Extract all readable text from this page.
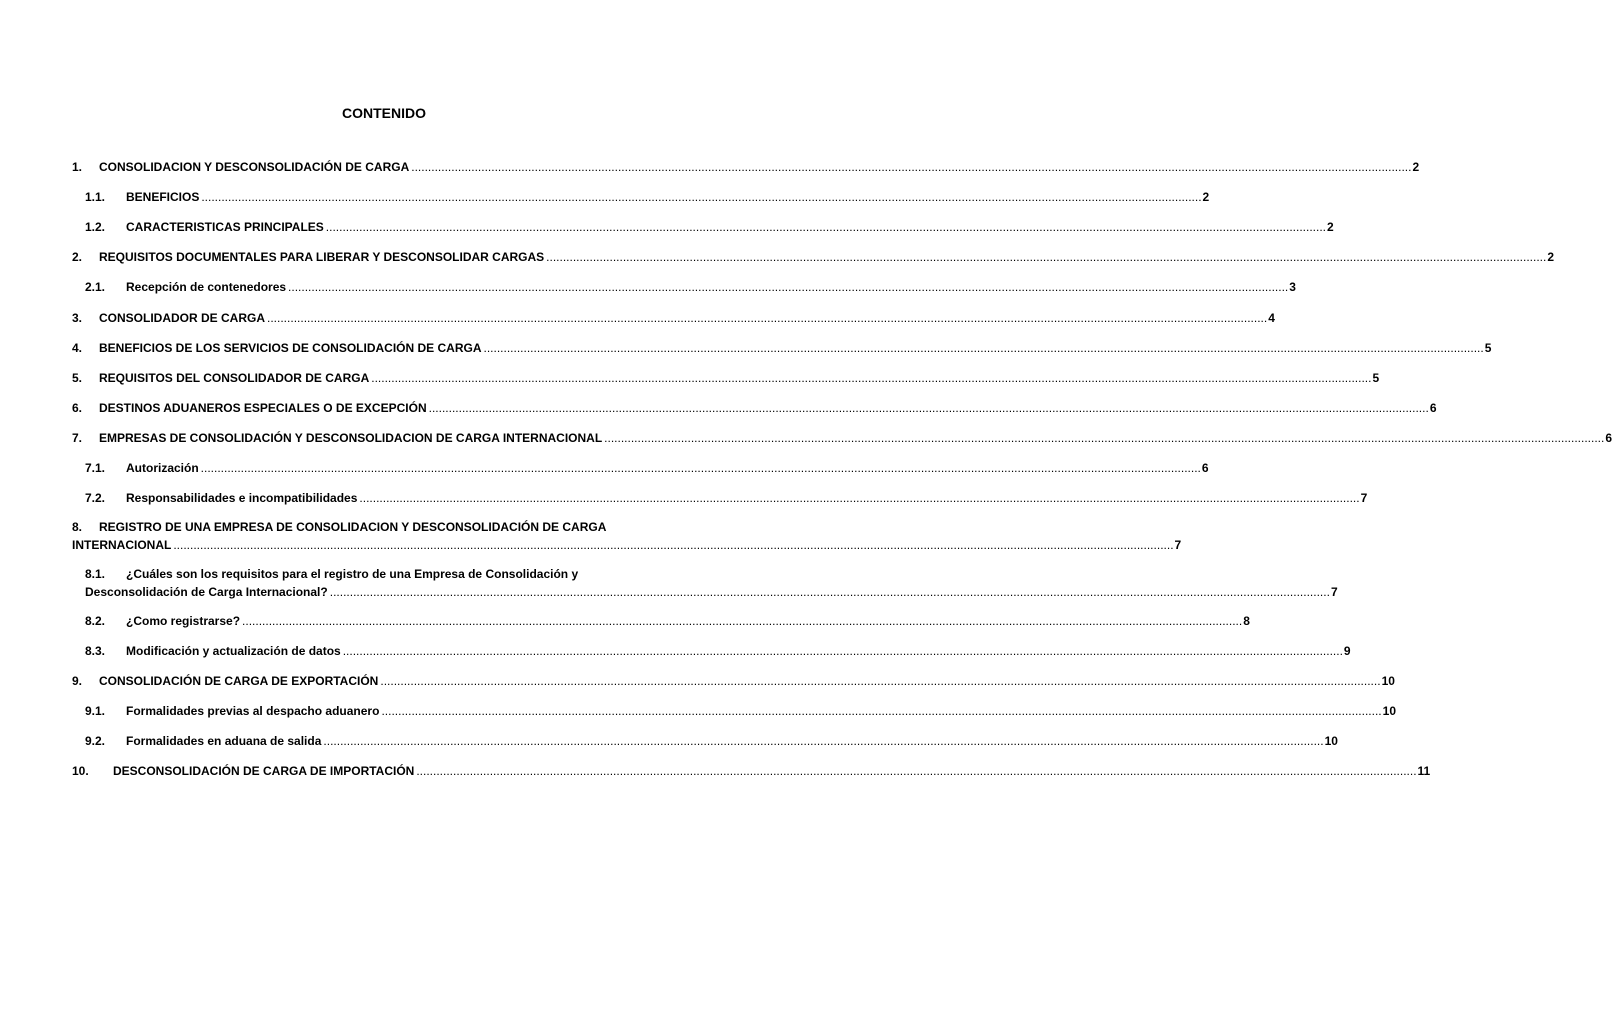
CONTENIDO
1.	CONSOLIDACION Y DESCONSOLIDACIÓN DE CARGA ............................................................................................................................................................................................................................................................................................................ 2
1.1.	BENEFICIOS ............................................................................................................................................................................................................................................................................................................ 2
1.2.	CARACTERISTICAS PRINCIPALES ............................................................................................................................................................................................................................................................................................................ 2
2.	REQUISITOS DOCUMENTALES PARA LIBERAR Y DESCONSOLIDAR CARGAS ............................................................................................................................................................................................................................................................................................................ 2
2.1.	Recepción de contenedores ............................................................................................................................................................................................................................................................................................................ 3
3.	CONSOLIDADOR DE CARGA ............................................................................................................................................................................................................................................................................................................ 4
4.	BENEFICIOS DE LOS SERVICIOS DE CONSOLIDACIÓN DE CARGA ............................................................................................................................................................................................................................................................................................................ 5
5.	REQUISITOS DEL CONSOLIDADOR DE CARGA ............................................................................................................................................................................................................................................................................................................ 5
6.	DESTINOS ADUANEROS ESPECIALES O DE EXCEPCIÓN ............................................................................................................................................................................................................................................................................................................ 6
7.	EMPRESAS DE CONSOLIDACIÓN Y DESCONSOLIDACION DE CARGA INTERNACIONAL ............................................................................................................................................................................................................................................................................................................ 6
7.1.	Autorización ............................................................................................................................................................................................................................................................................................................ 6
7.2.	Responsabilidades e incompatibilidades ............................................................................................................................................................................................................................................................................................................ 7
8.	REGISTRO DE UNA EMPRESA DE CONSOLIDACION Y DESCONSOLIDACIÓN DE CARGA
INTERNACIONAL ............................................................................................................................................................................................................................................................................................................ 7
8.1.	¿Cuáles son los requisitos para el registro de una Empresa de Consolidación y
Desconsolidación de Carga Internacional? ............................................................................................................................................................................................................................................................................................................ 7
8.2.	¿Como registrarse? ............................................................................................................................................................................................................................................................................................................ 8
8.3.	Modificación y actualización de datos ............................................................................................................................................................................................................................................................................................................ 9
9.	CONSOLIDACIÓN DE CARGA DE EXPORTACIÓN ............................................................................................................................................................................................................................................................................................................ 10
9.1.	Formalidades previas al despacho aduanero ............................................................................................................................................................................................................................................................................................................ 10
9.2.	Formalidades en aduana de salida ............................................................................................................................................................................................................................................................................................................ 10
10.	DESCONSOLIDACIÓN DE CARGA DE IMPORTACIÓN ............................................................................................................................................................................................................................................................................................................ 11
